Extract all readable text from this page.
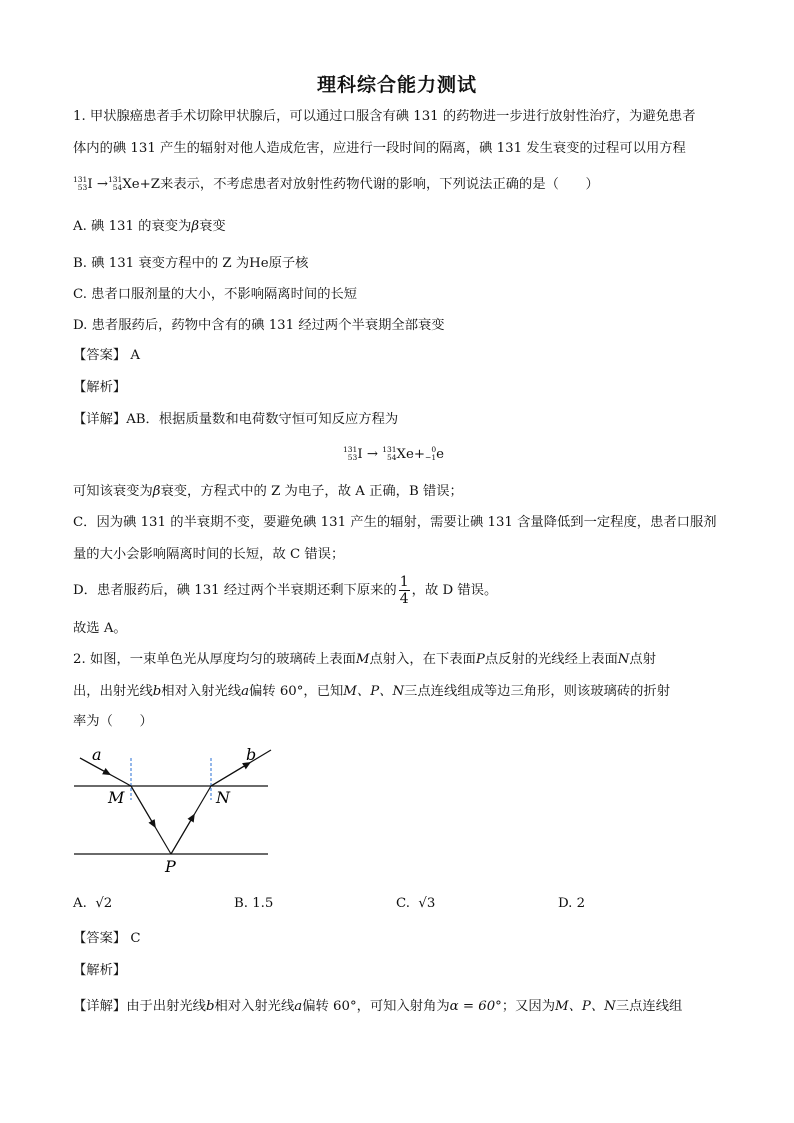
理科综合能力测试
1. 甲状腺癌患者手术切除甲状腺后，可以通过口服含有碘 131 的药物进一步进行放射性治疗，为避免患者
体内的碘 131 产生的辐射对他人造成危害，应进行一段时间的隔离，碘 131 发生衰变的过程可以用方程
131
53I →131
54Xe+Z来表示，不考虑患者对放射性药物代谢的影响，下列说法正确的是（　　）
A. 碘 131 的衰变为β衰变
B. 碘 131 衰变方程中的 Z 为He原子核
C. 患者口服剂量的大小，不影响隔离时间的长短
D. 患者服药后，药物中含有的碘 131 经过两个半衰期全部衰变
【答案】 A
【解析】
【详解】AB．根据质量数和电荷数守恒可知反应方程为
131
53I → 131
54Xe+ 0
−1e
可知该衰变为β衰变，方程式中的 Z 为电子，故 A 正确，B 错误；
C．因为碘 131 的半衰期不变，要避免碘 131 产生的辐射，需要让碘 131 含量降低到一定程度，患者口服剂
量的大小会影响隔离时间的长短，故 C 错误；
D．患者服药后，碘 131 经过两个半衰期还剩下原来的 $\frac{1}{4}$ ，故 D 错误。
故选 A。
2. 如图，一束单色光从厚度均匀的玻璃砖上表面M点射入，在下表面P点反射的光线经上表面N点射
出，出射光线b相对入射光线a偏转 60°，已知M、P、N三点连线组成等边三角形，则该玻璃砖的折射
率为（　　）
a	b
M	N
P
A. √2	B. 1.5	C. √3	D. 2
【答案】 C
【解析】
【详解】由于出射光线b相对入射光线a偏转 60°，可知入射角为α = 60°；又因为M、P、N三点连线组
